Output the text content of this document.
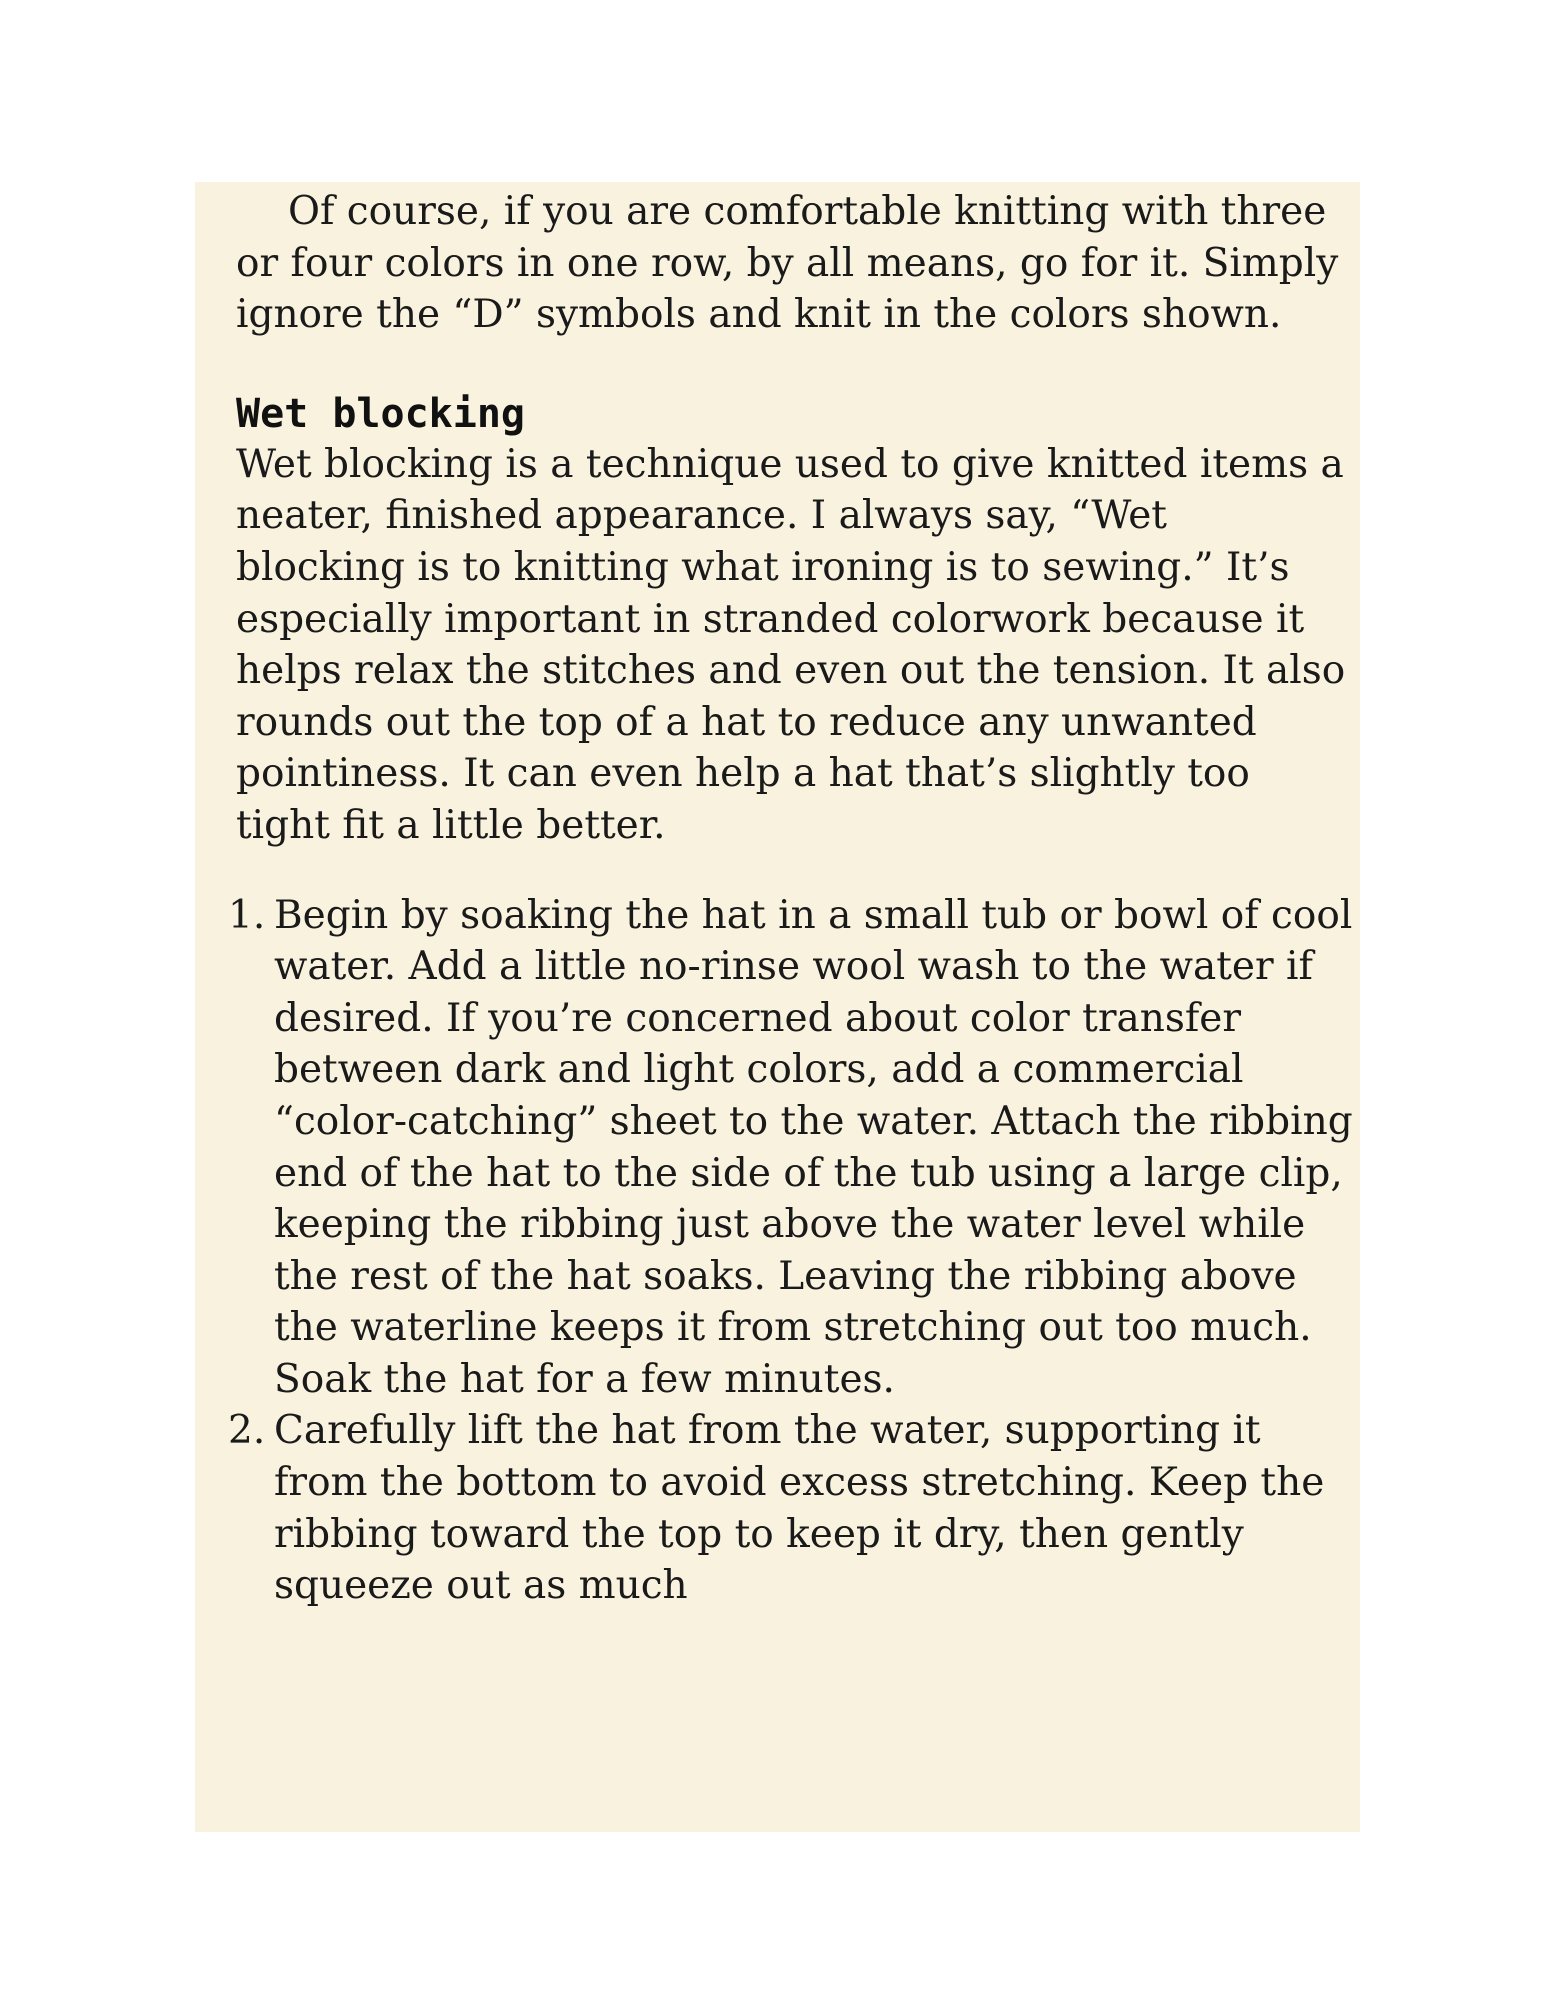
Of course, if you are comfortable knitting with three or four colors in one row, by all means, go for it. Simply ignore the “D” symbols and knit in the colors shown.

Wet blocking

Wet blocking is a technique used to give knitted items a neater, finished appearance. I always say, “Wet blocking is to knitting what ironing is to sewing.” It’s especially important in stranded colorwork because it helps relax the stitches and even out the tension. It also rounds out the top of a hat to reduce any unwanted pointiness. It can even help a hat that’s slightly too tight fit a little better.

1. Begin by soaking the hat in a small tub or bowl of cool water. Add a little no-rinse wool wash to the water if desired. If you’re concerned about color transfer between dark and light colors, add a commercial “color-catching” sheet to the water. Attach the ribbing end of the hat to the side of the tub using a large clip, keeping the ribbing just above the water level while the rest of the hat soaks. Leaving the ribbing above the waterline keeps it from stretching out too much. Soak the hat for a few minutes.
2. Carefully lift the hat from the water, supporting it from the bottom to avoid excess stretching. Keep the ribbing toward the top to keep it dry, then gently squeeze out as much
